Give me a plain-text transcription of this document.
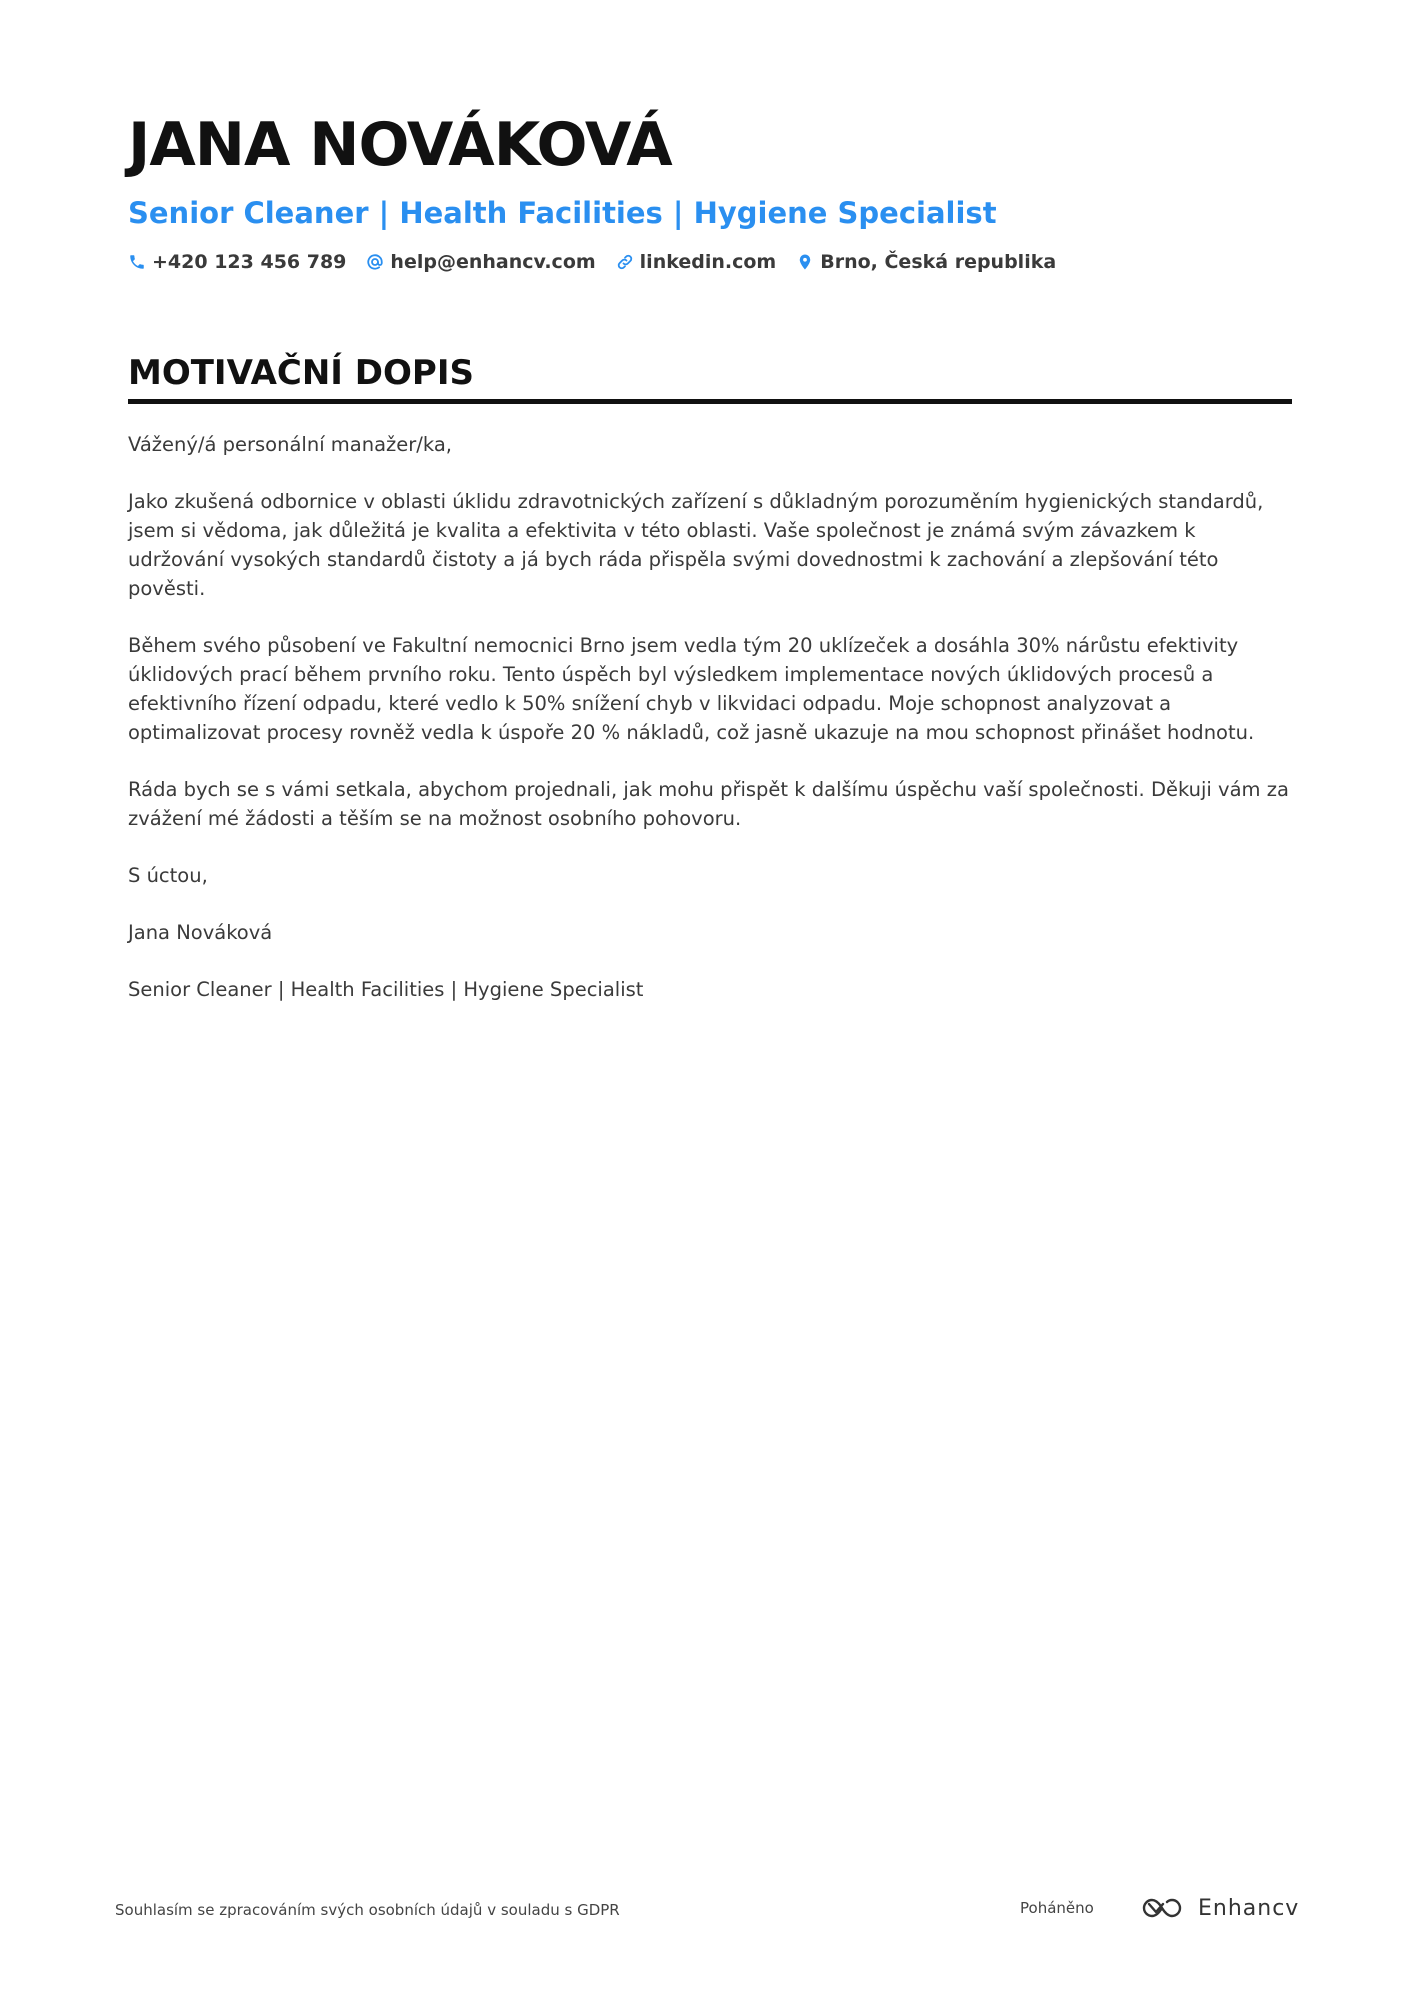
JANA NOVÁKOVÁ
Senior Cleaner | Health Facilities | Hygiene Specialist
+420 123 456 789 help@enhancv.com linkedin.com Brno, Česká republika
MOTIVAČNÍ DOPIS

Vážený/á personální manažer/ka,

Jako zkušená odbornice v oblasti úklidu zdravotnických zařízení s důkladným porozuměním hygienických standardů, jsem si vědoma, jak důležitá je kvalita a efektivita v této oblasti. Vaše společnost je známá svým závazkem k udržování vysokých standardů čistoty a já bych ráda přispěla svými dovednostmi k zachování a zlepšování této pověsti.

Během svého působení ve Fakultní nemocnici Brno jsem vedla tým 20 uklízeček a dosáhla 30% nárůstu efektivity úklidových prací během prvního roku. Tento úspěch byl výsledkem implementace nových úklidových procesů a efektivního řízení odpadu, které vedlo k 50% snížení chyb v likvidaci odpadu. Moje schopnost analyzovat a optimalizovat procesy rovněž vedla k úspoře 20 % nákladů, což jasně ukazuje na mou schopnost přinášet hodnotu.

Ráda bych se s vámi setkala, abychom projednali, jak mohu přispět k dalšímu úspěchu vaší společnosti. Děkuji vám za zvážení mé žádosti a těším se na možnost osobního pohovoru.

S úctou,

Jana Nováková

Senior Cleaner | Health Facilities | Hygiene Specialist

Souhlasím se zpracováním svých osobních údajů v souladu s GDPR	Poháněno	Enhancv
